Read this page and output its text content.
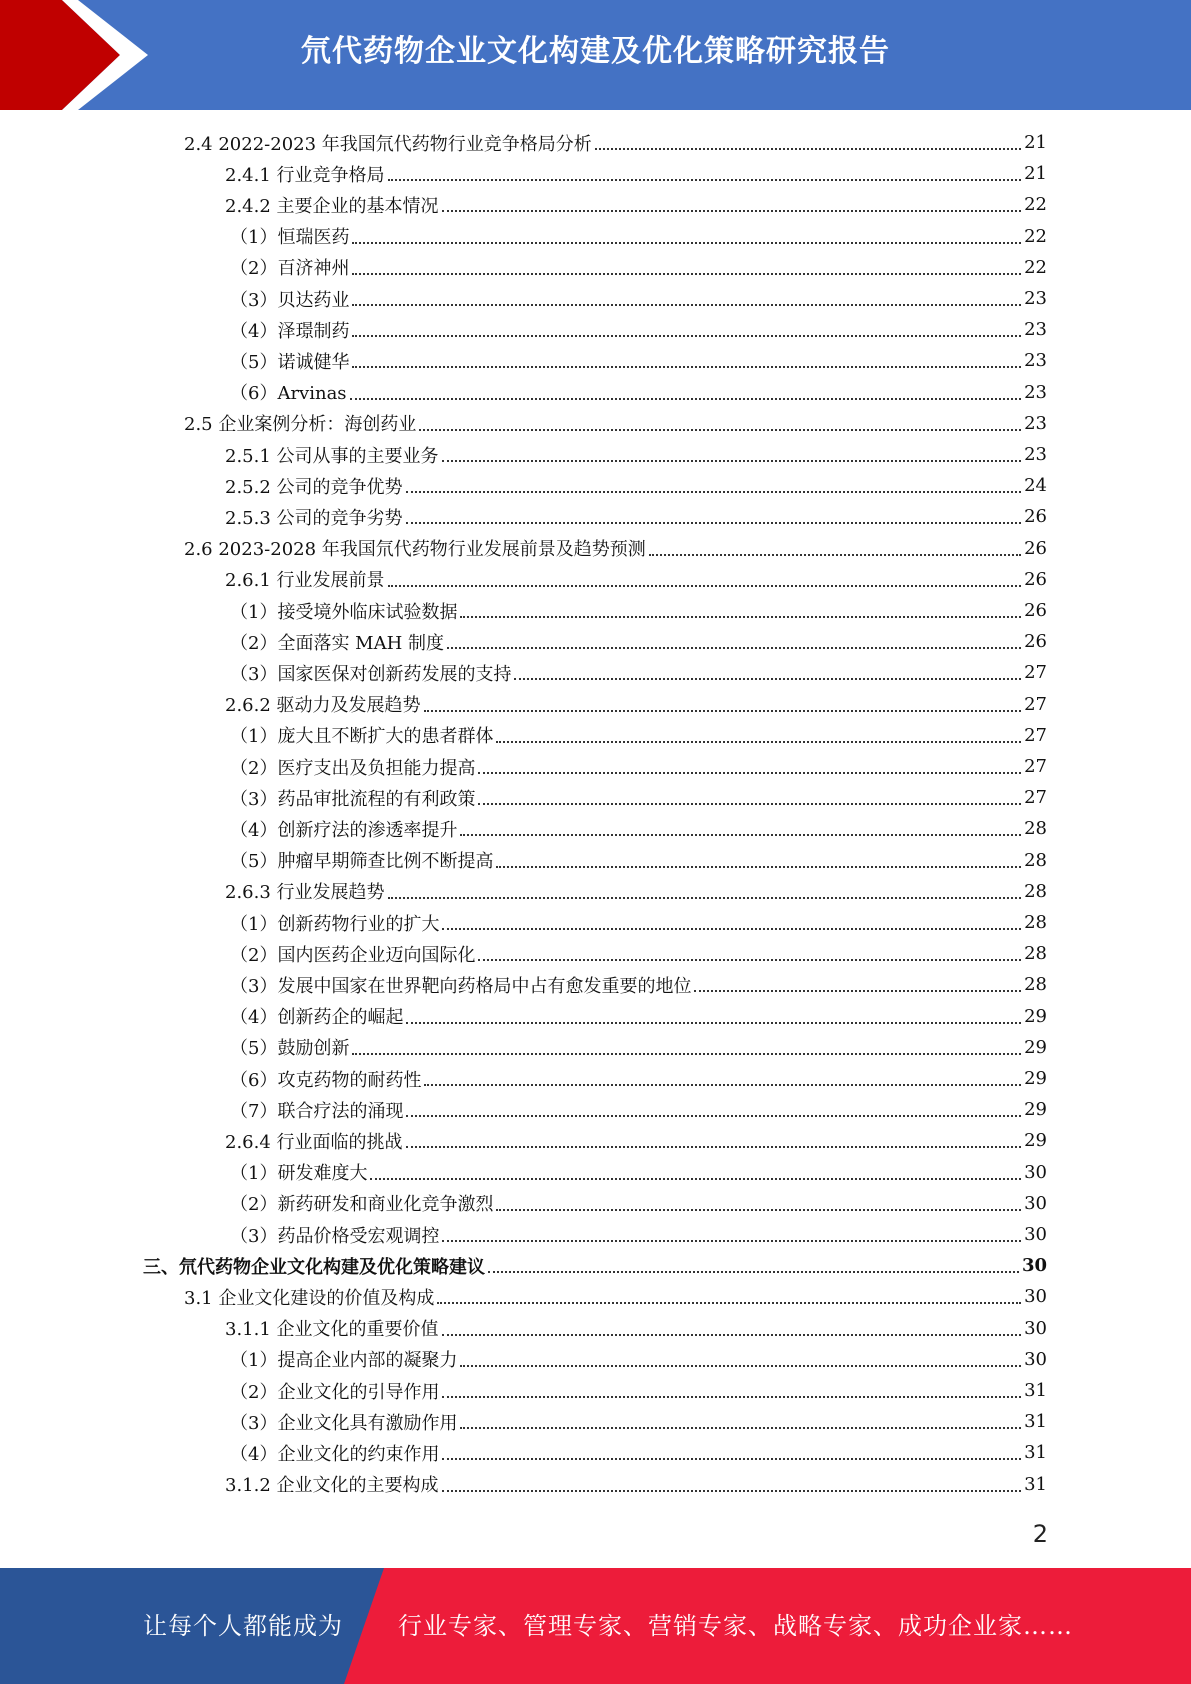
氘代药物企业文化构建及优化策略研究报告
2.4 2022-2023 年我国氘代药物行业竞争格局分析	21
2.4.1 行业竞争格局	21
2.4.2 主要企业的基本情况	22
（1）恒瑞医药	22
（2）百济神州	22
（3）贝达药业	23
（4）泽璟制药	23
（5）诺诚健华	23
（6）Arvinas	23
2.5 企业案例分析：海创药业	23
2.5.1 公司从事的主要业务	23
2.5.2 公司的竞争优势	24
2.5.3 公司的竞争劣势	26
2.6 2023-2028 年我国氘代药物行业发展前景及趋势预测	26
2.6.1 行业发展前景	26
（1）接受境外临床试验数据	26
（2）全面落实 MAH 制度	26
（3）国家医保对创新药发展的支持	27
2.6.2 驱动力及发展趋势	27
（1）庞大且不断扩大的患者群体	27
（2）医疗支出及负担能力提高	27
（3）药品审批流程的有利政策	27
（4）创新疗法的渗透率提升	28
（5）肿瘤早期筛查比例不断提高	28
2.6.3 行业发展趋势	28
（1）创新药物行业的扩大	28
（2）国内医药企业迈向国际化	28
（3）发展中国家在世界靶向药格局中占有愈发重要的地位	28
（4）创新药企的崛起	29
（5）鼓励创新	29
（6）攻克药物的耐药性	29
（7）联合疗法的涌现	29
2.6.4 行业面临的挑战	29
（1）研发难度大	30
（2）新药研发和商业化竞争激烈	30
（3）药品价格受宏观调控	30
三、氘代药物企业文化构建及优化策略建议	30
3.1 企业文化建设的价值及构成	30
3.1.1 企业文化的重要价值	30
（1）提高企业内部的凝聚力	30
（2）企业文化的引导作用	31
（3）企业文化具有激励作用	31
（4）企业文化的约束作用	31
3.1.2 企业文化的主要构成	31
2
让每个人都能成为 行业专家、管理专家、营销专家、战略专家、成功企业家……
